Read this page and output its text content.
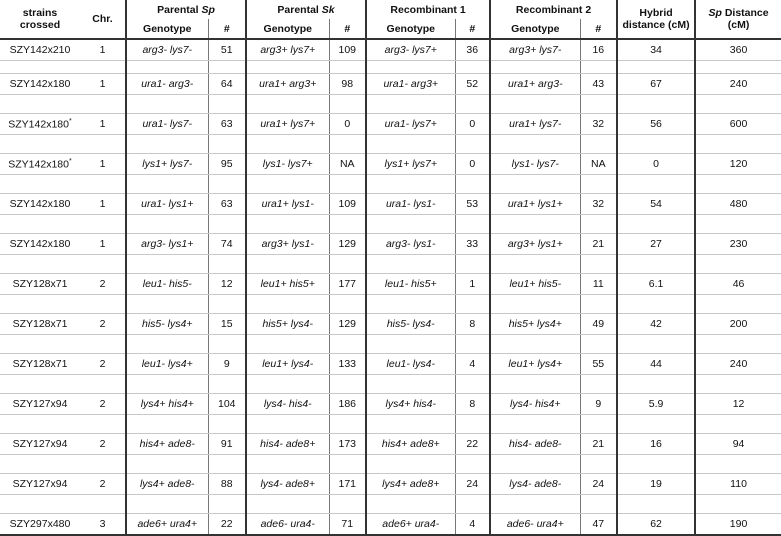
strains crossed	Chr.	Parental Sp		Parental Sk		Recombinant 1		Recombinant 2		Hybrid distance (cM)	Sp Distance (cM)

		Genotype	#	Genotype	#	Genotype	#	Genotype	#		
SZY142x210	1	arg3- lys7-	51	arg3+ lys7+	109	arg3- lys7+	36	arg3+ lys7-	16	34	360

SZY142x180	1	ura1- arg3-	64	ura1+ arg3+	98	ura1- arg3+	52	ura1+ arg3-	43	67	240

SZY142x180*	1	ura1- lys7-	63	ura1+ lys7+	0	ura1- lys7+	0	ura1+ lys7-	32	56	600

SZY142x180*	1	lys1+ lys7-	95	lys1- lys7+	NA	lys1+ lys7+	0	lys1- lys7-	NA	0	120

SZY142x180	1	ura1- lys1+	63	ura1+ lys1-	109	ura1- lys1-	53	ura1+ lys1+	32	54	480

SZY142x180	1	arg3- lys1+	74	arg3+ lys1-	129	arg3- lys1-	33	arg3+ lys1+	21	27	230

SZY128x71	2	leu1- his5-	12	leu1+ his5+	177	leu1- his5+	1	leu1+ his5-	11	6.1	46

SZY128x71	2	his5- lys4+	15	his5+ lys4-	129	his5- lys4-	8	his5+ lys4+	49	42	200

SZY128x71	2	leu1- lys4+	9	leu1+ lys4-	133	leu1- lys4-	4	leu1+ lys4+	55	44	240

SZY127x94	2	lys4+ his4+	104	lys4- his4-	186	lys4+ his4-	8	lys4- his4+	9	5.9	12

SZY127x94	2	his4+ ade8-	91	his4- ade8+	173	his4+ ade8+	22	his4- ade8-	21	16	94

SZY127x94	2	lys4+ ade8-	88	lys4- ade8+	171	lys4+ ade8+	24	lys4- ade8-	24	19	110

SZY297x480	3	ade6+ ura4+	22	ade6- ura4-	71	ade6+ ura4-	4	ade6- ura4+	47	62	190
